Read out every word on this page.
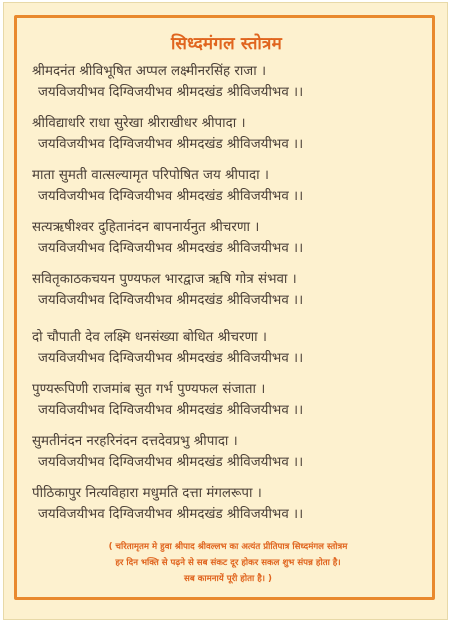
सिध्दमंगल स्तोत्रम
श्रीमदनंत श्रीविभूषित अप्पल लक्ष्मीनरसिंह राजा ।
जयविजयीभव दिग्विजयीभव श्रीमदखंड श्रीविजयीभव ।।
श्रीविद्याधरि राधा सुरेखा श्रीराखीधर श्रीपादा ।
जयविजयीभव दिग्विजयीभव श्रीमदखंड श्रीविजयीभव ।।
माता सुमती वात्सल्यामृत परिपोषित जय श्रीपादा ।
जयविजयीभव दिग्विजयीभव श्रीमदखंड श्रीविजयीभव ।।
सत्यऋषीश्वर दुहितानंदन बापनार्यनुत श्रीचरणा ।
जयविजयीभव दिग्विजयीभव श्रीमदखंड श्रीविजयीभव ।।
सवितृकाठकचयन पुण्यफल भारद्वाज ऋषि गोत्र संभवा ।
जयविजयीभव दिग्विजयीभव श्रीमदखंड श्रीविजयीभव ।।
दो चौपाती देव लक्ष्मि धनसंख्या बोधित श्रीचरणा ।
जयविजयीभव दिग्विजयीभव श्रीमदखंड श्रीविजयीभव ।।
पुण्यरूपिणी राजमांब सुत गर्भ पुण्यफल संजाता ।
जयविजयीभव दिग्विजयीभव श्रीमदखंड श्रीविजयीभव ।।
सुमतीनंदन नरहरिनंदन दत्तदेवप्रभु श्रीपादा ।
जयविजयीभव दिग्विजयीभव श्रीमदखंड श्रीविजयीभव ।।
पीठिकापुर नित्यविहारा मधुमति दत्ता मंगलरूपा ।
जयविजयीभव दिग्विजयीभव श्रीमदखंड श्रीविजयीभव ।।
( चरितामृतम मे हुवा श्रीपाद श्रीवल्लभ का अत्यंत प्रीतिपात्र सिध्दमंगल स्तोत्रम
हर दिन भक्ति से पढ़ने से सब संकट दूर होकर सकल शुभ संपन्न होता है।
सब कामनायें पूरी होता है। )
